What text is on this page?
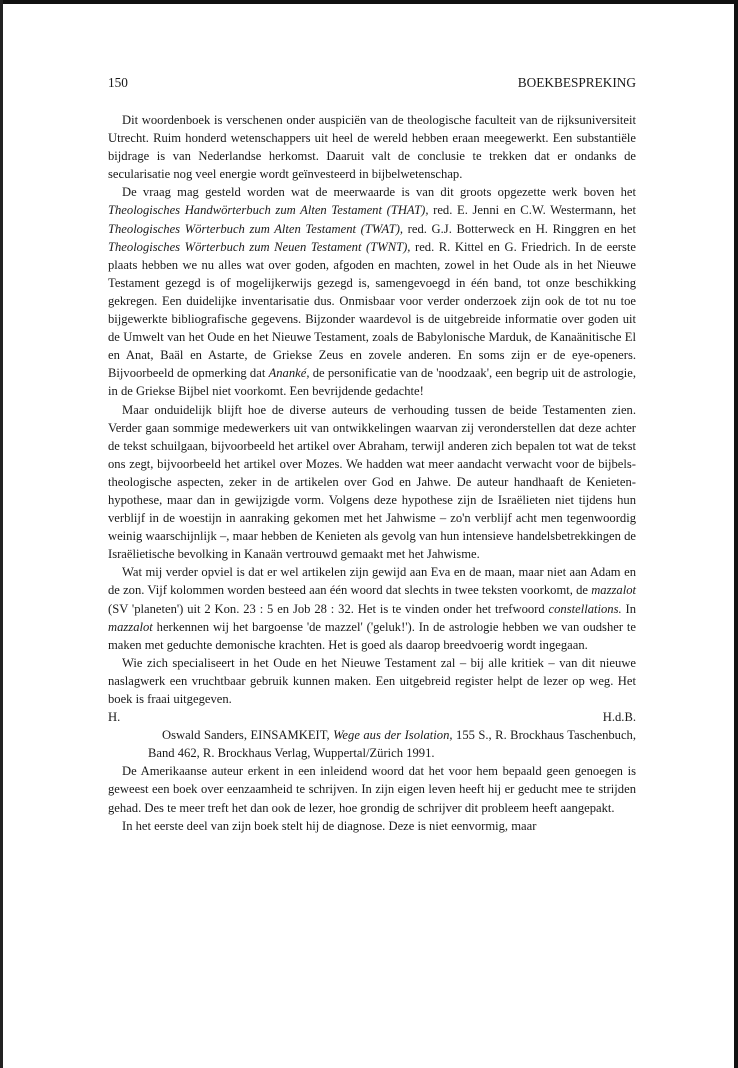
150	BOEKBESPREKING

Dit woordenboek is verschenen onder auspiciën van de theologische faculteit van de rijksuniversiteit Utrecht. Ruim honderd wetenschappers uit heel de wereld hebben eraan meegewerkt. Een substantiële bijdrage is van Nederlandse herkomst. Daaruit valt de conclusie te trekken dat er ondanks de secularisatie nog veel energie wordt geïnvesteerd in bijbelwetenschap.

De vraag mag gesteld worden wat de meerwaarde is van dit groots opgezette werk boven het Theologisches Handwörterbuch zum Alten Testament (THAT), red. E. Jenni en C.W. Westermann, het Theologisches Wörterbuch zum Alten Testament (TWAT), red. G.J. Botterweck en H. Ringgren en het Theologisches Wörterbuch zum Neuen Testament (TWNT), red. R. Kittel en G. Friedrich. In de eerste plaats hebben we nu alles wat over goden, afgoden en machten, zowel in het Oude als in het Nieuwe Testament gezegd is of mogelijkerwijs gezegd is, samengevoegd in één band, tot onze beschikking gekregen. Een duidelijke inventarisatie dus. Onmisbaar voor verder onderzoek zijn ook de tot nu toe bijgewerkte bibliografische gegevens. Bijzonder waardevol is de uitgebreide informatie over goden uit de Umwelt van het Oude en het Nieuwe Testament, zoals de Babylonische Marduk, de Kanaänitische El en Anat, Baäl en Astarte, de Griekse Zeus en zovele anderen. En soms zijn er de eye-openers. Bijvoorbeeld de opmerking dat Ananké, de personificatie van de 'noodzaak', een begrip uit de astrologie, in de Griekse Bijbel niet voorkomt. Een bevrijdende gedachte!

Maar onduidelijk blijft hoe de diverse auteurs de verhouding tussen de beide Testamenten zien. Verder gaan sommige medewerkers uit van ontwikkelingen waarvan zij veronderstellen dat deze achter de tekst schuilgaan, bijvoorbeeld het artikel over Abraham, terwijl anderen zich bepalen tot wat de tekst ons zegt, bijvoorbeeld het artikel over Mozes. We hadden wat meer aandacht verwacht voor de bijbels-theologische aspecten, zeker in de artikelen over God en Jahwe. De auteur handhaaft de Kenieten-hypothese, maar dan in gewijzigde vorm. Volgens deze hypothese zijn de Israëlieten niet tijdens hun verblijf in de woestijn in aanraking gekomen met het Jahwisme – zo'n verblijf acht men tegenwoordig weinig waarschijnlijk –, maar hebben de Kenieten als gevolg van hun intensieve handelsbetrekkingen de Israëlietische bevolking in Kanaän vertrouwd gemaakt met het Jahwisme.

Wat mij verder opviel is dat er wel artikelen zijn gewijd aan Eva en de maan, maar niet aan Adam en de zon. Vijf kolommen worden besteed aan één woord dat slechts in twee teksten voorkomt, de mazzalot (SV 'planeten') uit 2 Kon. 23 : 5 en Job 28 : 32. Het is te vinden onder het trefwoord constellations. In mazzalot herkennen wij het bargoense 'de mazzel' ('geluk!'). In de astrologie hebben we van oudsher te maken met geduchte demonische krachten. Het is goed als daarop breedvoerig wordt ingegaan.

Wie zich specialiseert in het Oude en het Nieuwe Testament zal – bij alle kritiek – van dit nieuwe naslagwerk een vruchtbaar gebruik kunnen maken. Een uitgebreid register helpt de lezer op weg. Het boek is fraai uitgegeven.

H.	H.d.B.

Oswald Sanders, EINSAMKEIT, Wege aus der Isolation, 155 S., R. Brockhaus Taschenbuch, Band 462, R. Brockhaus Verlag, Wuppertal/Zürich 1991.

De Amerikaanse auteur erkent in een inleidend woord dat het voor hem bepaald geen genoegen is geweest een boek over eenzaamheid te schrijven. In zijn eigen leven heeft hij er geducht mee te strijden gehad. Des te meer treft het dan ook de lezer, hoe grondig de schrijver dit probleem heeft aangepakt.

In het eerste deel van zijn boek stelt hij de diagnose. Deze is niet eenvormig, maar
